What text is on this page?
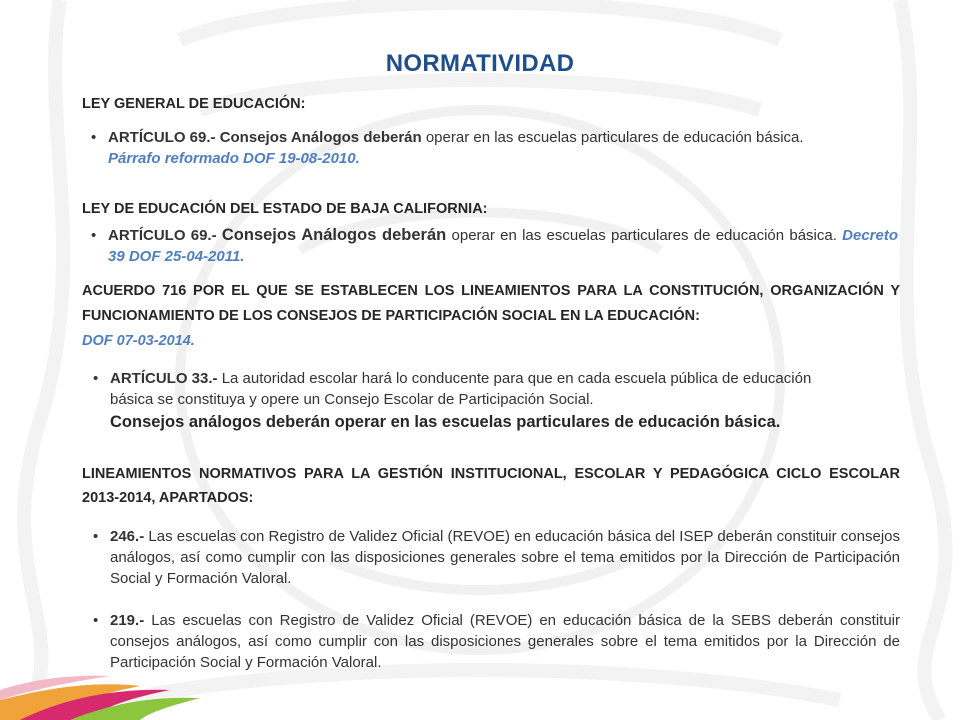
NORMATIVIDAD
LEY GENERAL DE EDUCACIÓN:
• ARTÍCULO 69.- Consejos Análogos deberán operar en las escuelas particulares de educación básica.
Párrafo reformado DOF 19-08-2010.
LEY DE EDUCACIÓN DEL ESTADO DE BAJA CALIFORNIA:
• ARTÍCULO 69.- Consejos Análogos deberán operar en las escuelas particulares de educación básica. Decreto 39 DOF 25-04-2011.
ACUERDO 716 POR EL QUE SE ESTABLECEN LOS LINEAMIENTOS PARA LA CONSTITUCIÓN, ORGANIZACIÓN Y FUNCIONAMIENTO DE LOS CONSEJOS DE PARTICIPACIÓN SOCIAL EN LA EDUCACIÓN:
DOF 07-03-2014.
• ARTÍCULO 33.- La autoridad escolar hará lo conducente para que en cada escuela pública de educación básica se constituya y opere un Consejo Escolar de Participación Social.
Consejos análogos deberán operar en las escuelas particulares de educación básica.
LINEAMIENTOS NORMATIVOS PARA LA GESTIÓN INSTITUCIONAL, ESCOLAR Y PEDAGÓGICA CICLO ESCOLAR 2013-2014, APARTADOS:
• 246.- Las escuelas con Registro de Validez Oficial (REVOE) en educación básica del ISEP deberán constituir consejos análogos, así como cumplir con las disposiciones generales sobre el tema emitidos por la Dirección de Participación Social y Formación Valoral.
• 219.- Las escuelas con Registro de Validez Oficial (REVOE) en educación básica de la SEBS deberán constituir consejos análogos, así como cumplir con las disposiciones generales sobre el tema emitidos por la Dirección de Participación Social y Formación Valoral.
